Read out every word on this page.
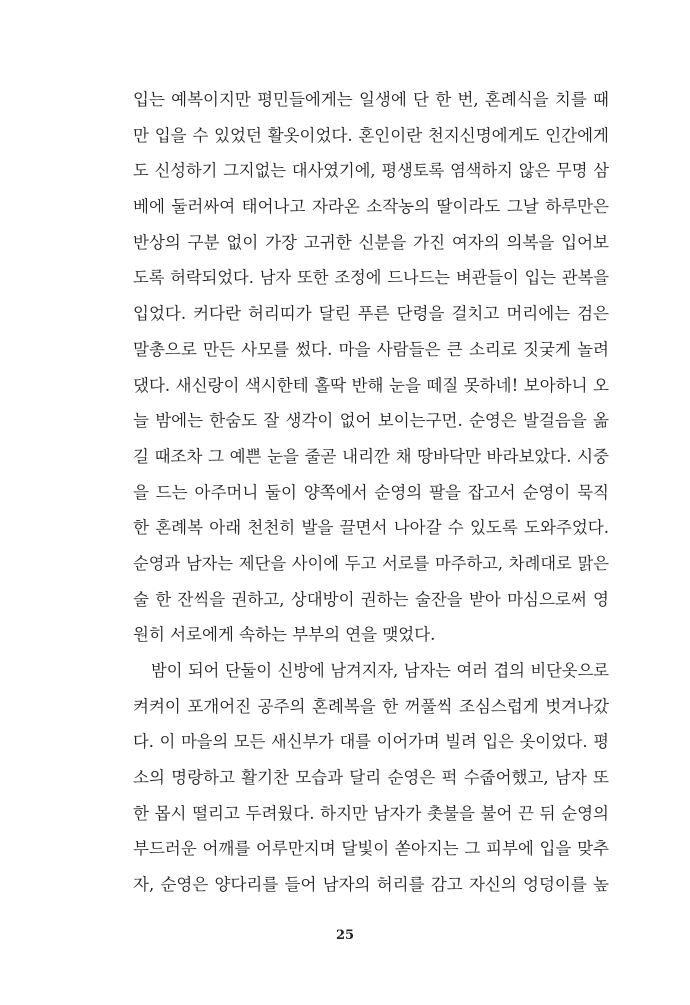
입는 예복이지만 평민들에게는 일생에 단 한 번, 혼례식을 치를 때
만 입을 수 있었던 활옷이었다. 혼인이란 천지신명에게도 인간에게
도 신성하기 그지없는 대사였기에, 평생토록 염색하지 않은 무명 삼
베에 둘러싸여 태어나고 자라온 소작농의 딸이라도 그날 하루만은
반상의 구분 없이 가장 고귀한 신분을 가진 여자의 의복을 입어보
도록 허락되었다. 남자 또한 조정에 드나드는 벼관들이 입는 관복을
입었다. 커다란 허리띠가 달린 푸른 단령을 걸치고 머리에는 검은
말총으로 만든 사모를 썼다. 마을 사람들은 큰 소리로 짓궂게 놀려
댔다. 새신랑이 색시한테 홀딱 반해 눈을 떼질 못하네! 보아하니 오
늘 밤에는 한숨도 잘 생각이 없어 보이는구먼. 순영은 발걸음을 옮
길 때조차 그 예쁜 눈을 줄곧 내리깐 채 땅바닥만 바라보았다. 시중
을 드는 아주머니 둘이 양쪽에서 순영의 팔을 잡고서 순영이 묵직
한 혼례복 아래 천천히 발을 끌면서 나아갈 수 있도록 도와주었다.
순영과 남자는 제단을 사이에 두고 서로를 마주하고, 차례대로 맑은
술 한 잔씩을 권하고, 상대방이 권하는 술잔을 받아 마심으로써 영
원히 서로에게 속하는 부부의 연을 맺었다.

밤이 되어 단둘이 신방에 남겨지자, 남자는 여러 겹의 비단옷으로
켜켜이 포개어진 공주의 혼례복을 한 꺼풀씩 조심스럽게 벗겨나갔
다. 이 마을의 모든 새신부가 대를 이어가며 빌려 입은 옷이었다. 평
소의 명랑하고 활기찬 모습과 달리 순영은 퍽 수줍어했고, 남자 또
한 몹시 떨리고 두려웠다. 하지만 남자가 촛불을 불어 끈 뒤 순영의
부드러운 어깨를 어루만지며 달빛이 쏟아지는 그 피부에 입을 맞추
자, 순영은 양다리를 들어 남자의 허리를 감고 자신의 엉덩이를 높

25
